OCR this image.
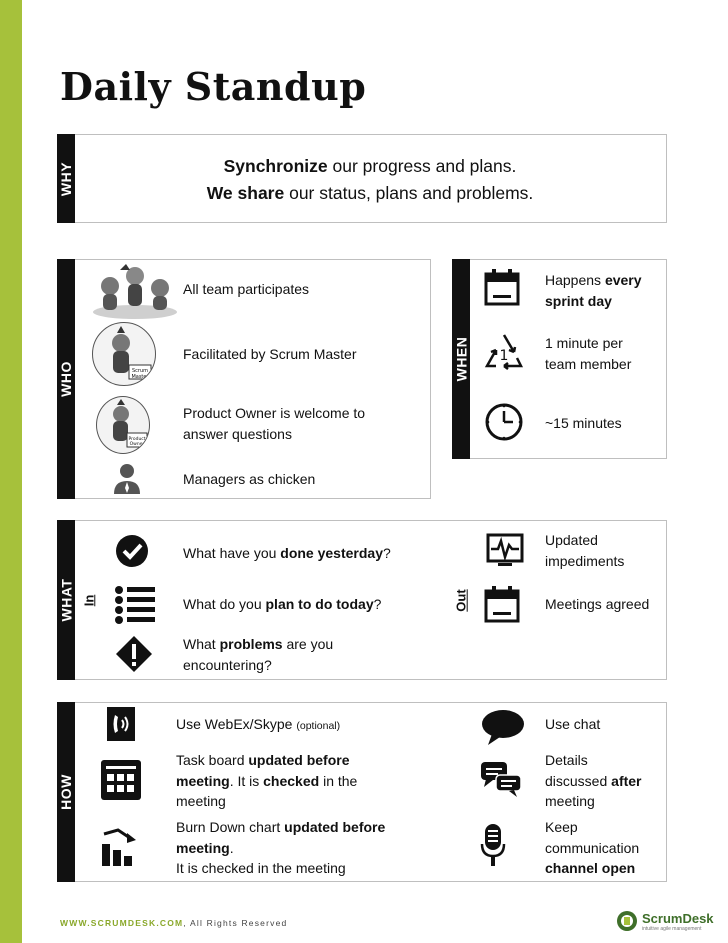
Daily Standup
WHY	Synchronize our progress and plans.
We share our status, plans and problems.
WHO
All team participates
Scrum
Master
Facilitated by Scrum Master
Product
Owner
Product Owner is welcome to
answer questions
Managers as chicken
WHEN
Happens every
sprint day
1
1 minute per
team member
~15 minutes
WHAT In	Out
What have you done yesterday?
What do you plan to do today?
What problems are you
encountering?
Updated
impediments
Meetings agreed
HOW
Use WebEx/Skype (optional)
Task board updated before
meeting. It is checked in the
meeting
Burn Down chart updated before
meeting.
It is checked in the meeting
Use chat
Details
discussed after
meeting
Keep
communication
channel open
WWW.SCRUMDESK.COM, All Rights Reserved	ScrumDesk
intuitive agile management
